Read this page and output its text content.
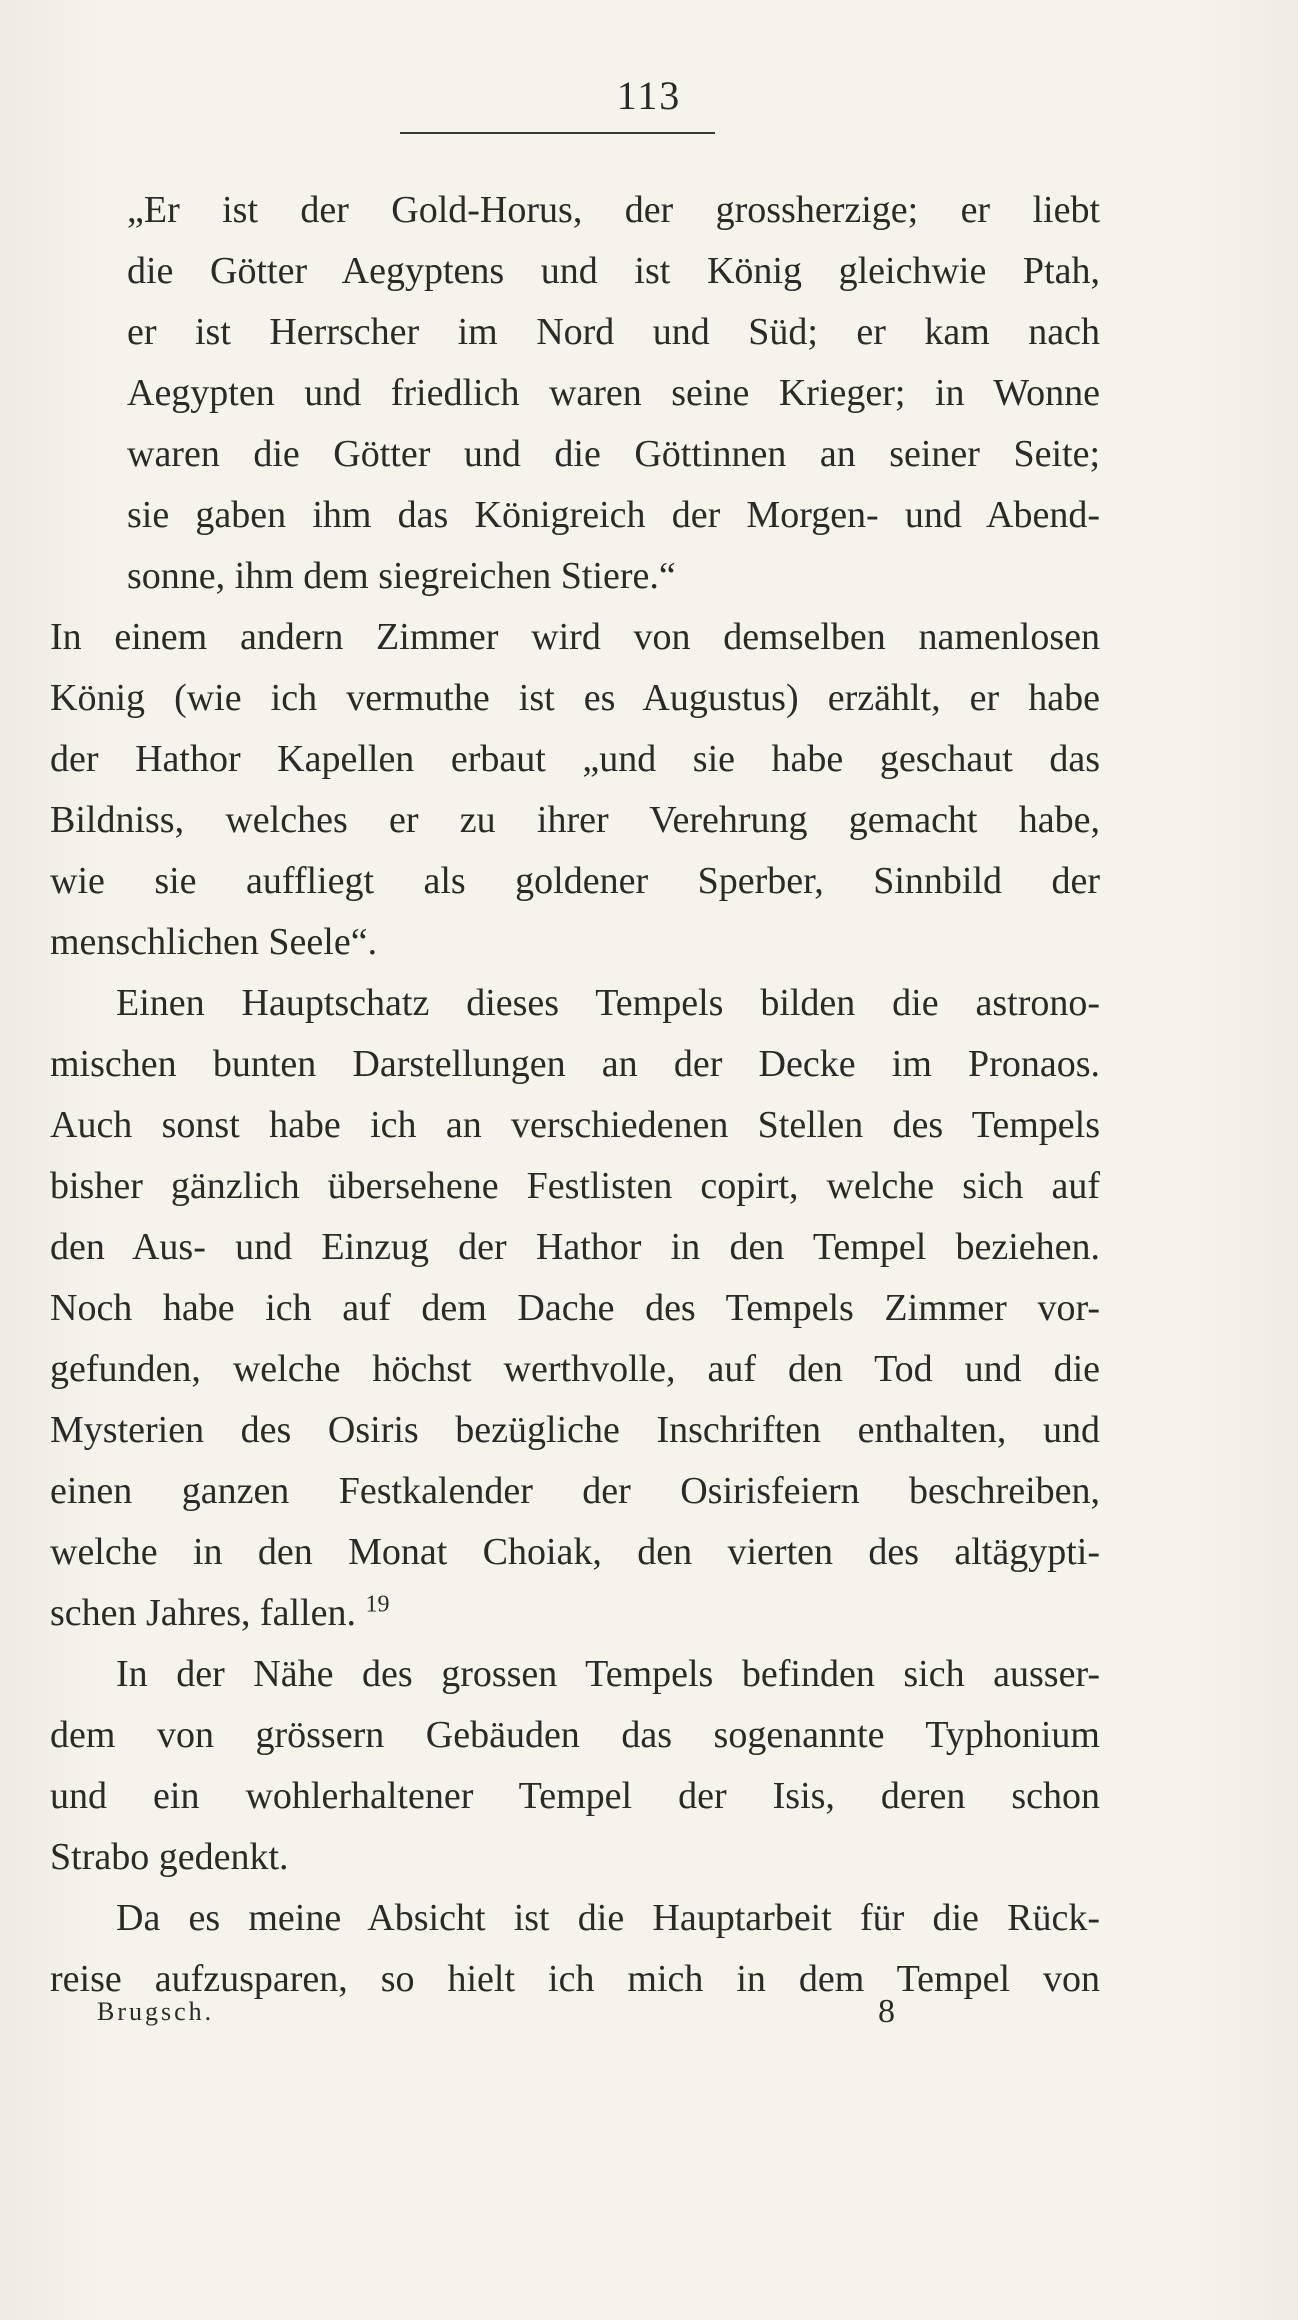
113
„Er ist der Gold-Horus, der grossherzige; er liebt
die Götter Aegyptens und ist König gleichwie Ptah,
er ist Herrscher im Nord und Süd; er kam nach
Aegypten und friedlich waren seine Krieger; in Wonne
waren die Götter und die Göttinnen an seiner Seite;
sie gaben ihm das Königreich der Morgen- und Abend-
sonne, ihm dem siegreichen Stiere.“
In einem andern Zimmer wird von demselben namenlosen
König (wie ich vermuthe ist es Augustus) erzählt, er habe
der Hathor Kapellen erbaut „und sie habe geschaut das
Bildniss, welches er zu ihrer Verehrung gemacht habe,
wie sie auffliegt als goldener Sperber, Sinnbild der
menschlichen Seele“.
Einen Hauptschatz dieses Tempels bilden die astrono-
mischen bunten Darstellungen an der Decke im Pronaos.
Auch sonst habe ich an verschiedenen Stellen des Tempels
bisher gänzlich übersehene Festlisten copirt, welche sich auf
den Aus- und Einzug der Hathor in den Tempel beziehen.
Noch habe ich auf dem Dache des Tempels Zimmer vor-
gefunden, welche höchst werthvolle, auf den Tod und die
Mysterien des Osiris bezügliche Inschriften enthalten, und
einen ganzen Festkalender der Osirisfeiern beschreiben,
welche in den Monat Choiak, den vierten des altägypti-
schen Jahres, fallen. $^{19}$
In der Nähe des grossen Tempels befinden sich ausser-
dem von grössern Gebäuden das sogenannte Typhonium
und ein wohlerhaltener Tempel der Isis, deren schon
Strabo gedenkt.
Da es meine Absicht ist die Hauptarbeit für die Rück-
reise aufzusparen, so hielt ich mich in dem Tempel von
Brugsch.	8
